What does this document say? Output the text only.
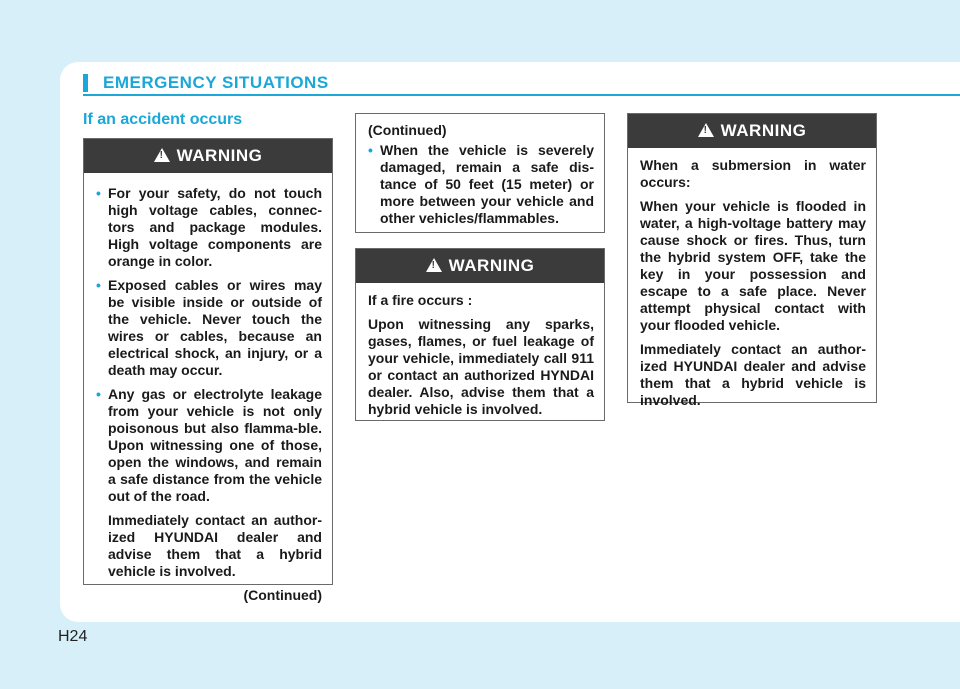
EMERGENCY SITUATIONS
If an accident occurs
!
WARNING
• For your safety, do not touch high voltage cables, connec-tors and package modules. High voltage components are orange in color.
• Exposed cables or wires may be visible inside or outside of the vehicle. Never touch the wires or cables, because an electrical shock, an injury, or a death may occur.
• Any gas or electrolyte leakage from your vehicle is not only poisonous but also flamma-ble. Upon witnessing one of those, open the windows, and remain a safe distance from the vehicle out of the road.

Immediately contact an author-ized HYUNDAI dealer and advise them that a hybrid vehicle is involved.

(Continued)

(Continued)

• When the vehicle is severely damaged, remain a safe dis-tance of 50 feet (15 meter) or more between your vehicle and other vehicles/flammables.
!
WARNING

If a fire occurs :

Upon witnessing any sparks, gases, flames, or fuel leakage of your vehicle, immediately call 911 or contact an authorized HYNDAI dealer. Also, advise them that a hybrid vehicle is involved.

!
WARNING

When a submersion in water occurs:

When your vehicle is flooded in water, a high-voltage battery may cause shock or fires. Thus, turn the hybrid system OFF, take the key in your possession and escape to a safe place. Never attempt physical contact with your flooded vehicle.

Immediately contact an author-ized HYUNDAI dealer and advise them that a hybrid vehicle is involved.

H24
